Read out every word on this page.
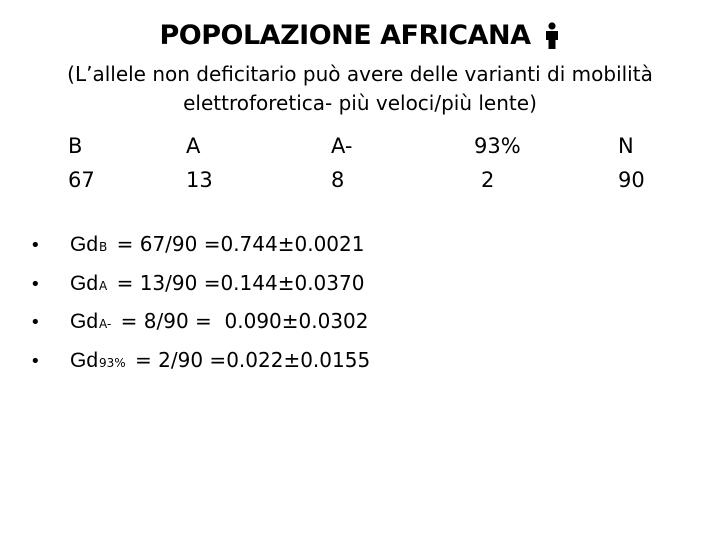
POPOLAZIONE AFRICANA
(L’allele non deficitario può avere delle varianti di mobilità
elettroforetica- più veloci/più lente)
B	A	A-	93%	N
67	13	8	2	90
•	Gd B = 67/90 =0.744±0.0021
•	Gd A = 13/90 =0.144±0.0370
•	Gd A- = 8/90 =  0.090±0.0302
•	Gd 93% = 2/90 =0.022±0.0155
